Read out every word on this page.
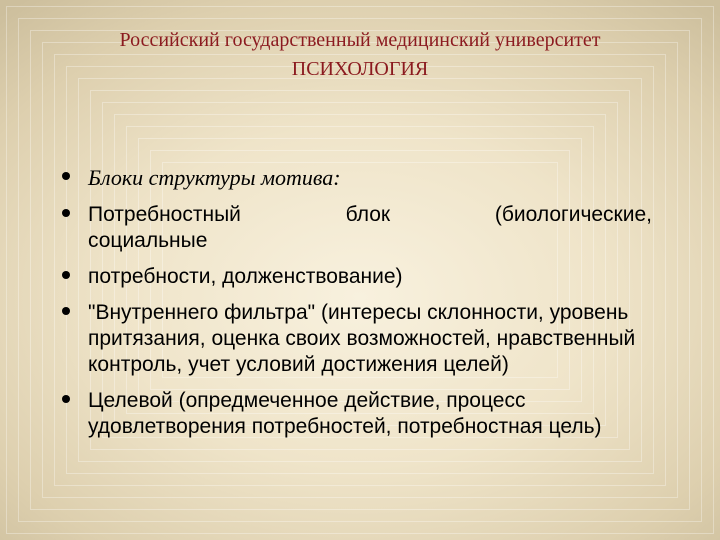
Российский государственный медицинский университет
ПСИХОЛОГИЯ
Блоки структуры мотива:
Потребностный блок (биологические,
социальные
потребности, долженствование)
"Внутреннего фильтра" (интересы склонности, уровень притязания, оценка своих возможностей, нравственный контроль, учет условий достижения целей)
Целевой (опредмеченное действие, процесс удовлетворения потребностей, потребностная цель)
